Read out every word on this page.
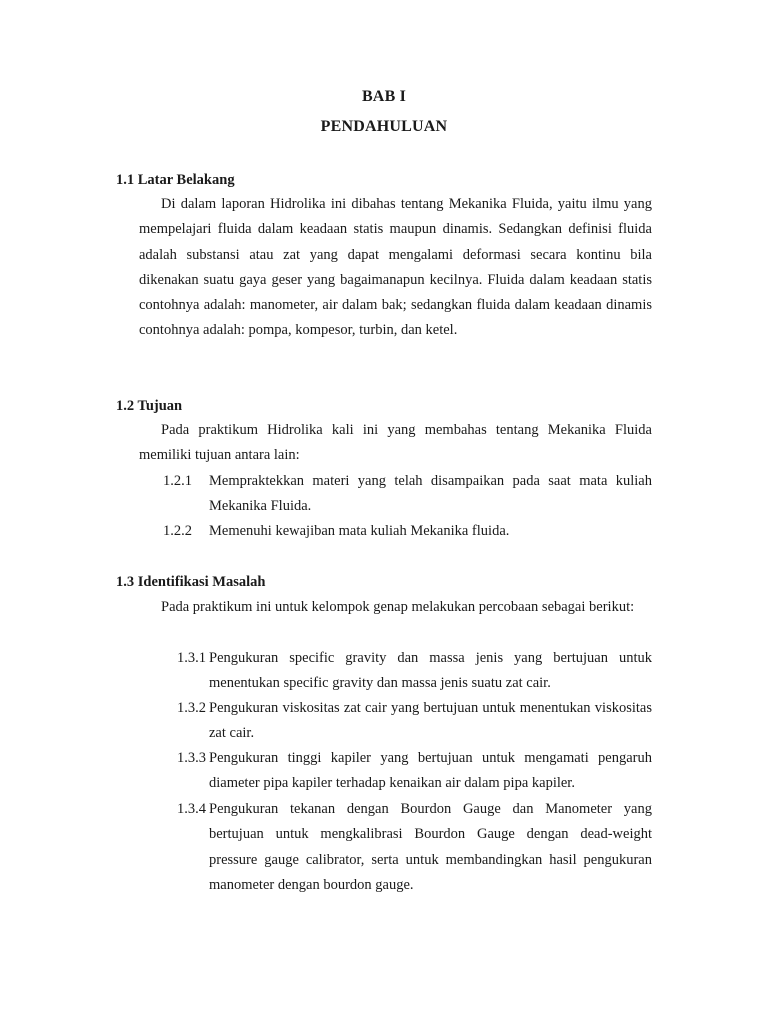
BAB I
PENDAHULUAN
1.1 Latar Belakang
Di dalam laporan Hidrolika ini dibahas tentang Mekanika Fluida, yaitu ilmu yang mempelajari fluida dalam keadaan statis maupun dinamis. Sedangkan definisi fluida adalah substansi atau zat yang dapat mengalami deformasi secara kontinu bila dikenakan suatu gaya geser yang bagaimanapun kecilnya. Fluida dalam keadaan statis contohnya adalah: manometer, air dalam bak; sedangkan fluida dalam keadaan dinamis contohnya adalah: pompa, kompesor, turbin, dan ketel.
1.2 Tujuan
Pada praktikum Hidrolika kali ini yang membahas tentang Mekanika Fluida memiliki tujuan antara lain:
1.2.1 Mempraktekkan materi yang telah disampaikan pada saat mata kuliah Mekanika Fluida.
1.2.2 Memenuhi kewajiban mata kuliah Mekanika fluida.
1.3 Identifikasi Masalah
Pada praktikum ini untuk kelompok genap melakukan percobaan sebagai berikut:
1.3.1 Pengukuran specific gravity dan massa jenis yang bertujuan untuk menentukan specific gravity dan massa jenis suatu zat cair.
1.3.2 Pengukuran viskositas zat cair yang bertujuan untuk menentukan viskositas zat cair.
1.3.3 Pengukuran tinggi kapiler yang bertujuan untuk mengamati pengaruh diameter pipa kapiler terhadap kenaikan air dalam pipa kapiler.
1.3.4 Pengukuran tekanan dengan Bourdon Gauge dan Manometer yang bertujuan untuk mengkalibrasi Bourdon Gauge dengan dead-weight pressure gauge calibrator, serta untuk membandingkan hasil pengukuran manometer dengan bourdon gauge.
